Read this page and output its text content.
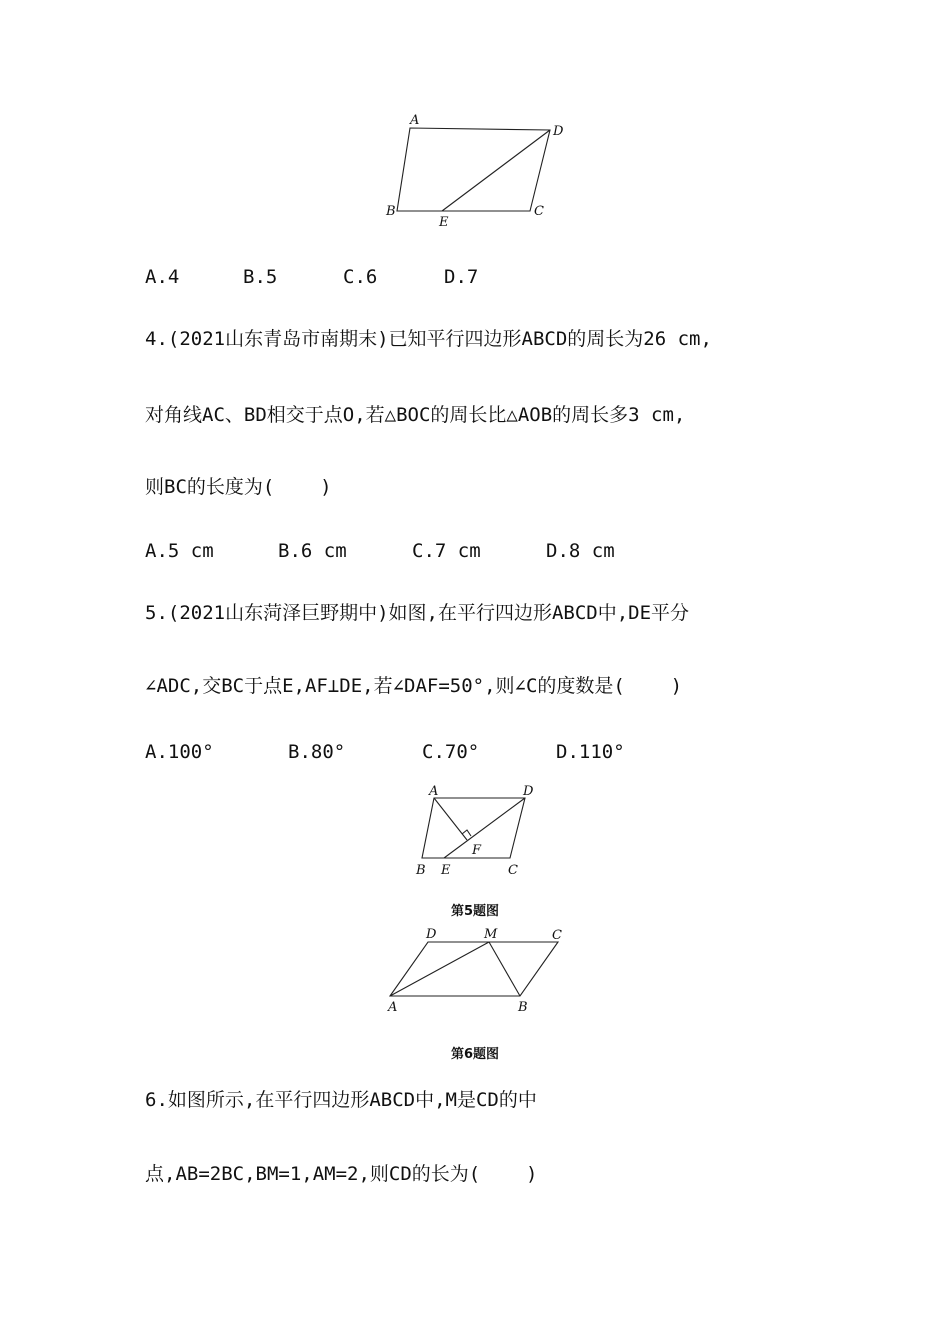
A
D
B	C
E
A.4	B.5	C.6	D.7
4.(2021山东青岛市南期末)已知平行四边形ABCD的周长为26 cm,
对角线AC、BD相交于点O,若△BOC的周长比△AOB的周长多3 cm,
则BC的长度为(    )
A.5 cm	B.6 cm	C.7 cm	D.8 cm
5.(2021山东菏泽巨野期中)如图,在平行四边形ABCD中,DE平分
∠ADC,交BC于点E,AF⊥DE,若∠DAF=50°,则∠C的度数是(    )
A.100°	B.80°	C.70°	D.110°
A	D
F
B E	C
第5题图
D	M	C
A	B
第6题图
6.如图所示,在平行四边形ABCD中,M是CD的中
点,AB=2BC,BM=1,AM=2,则CD的长为(    )
